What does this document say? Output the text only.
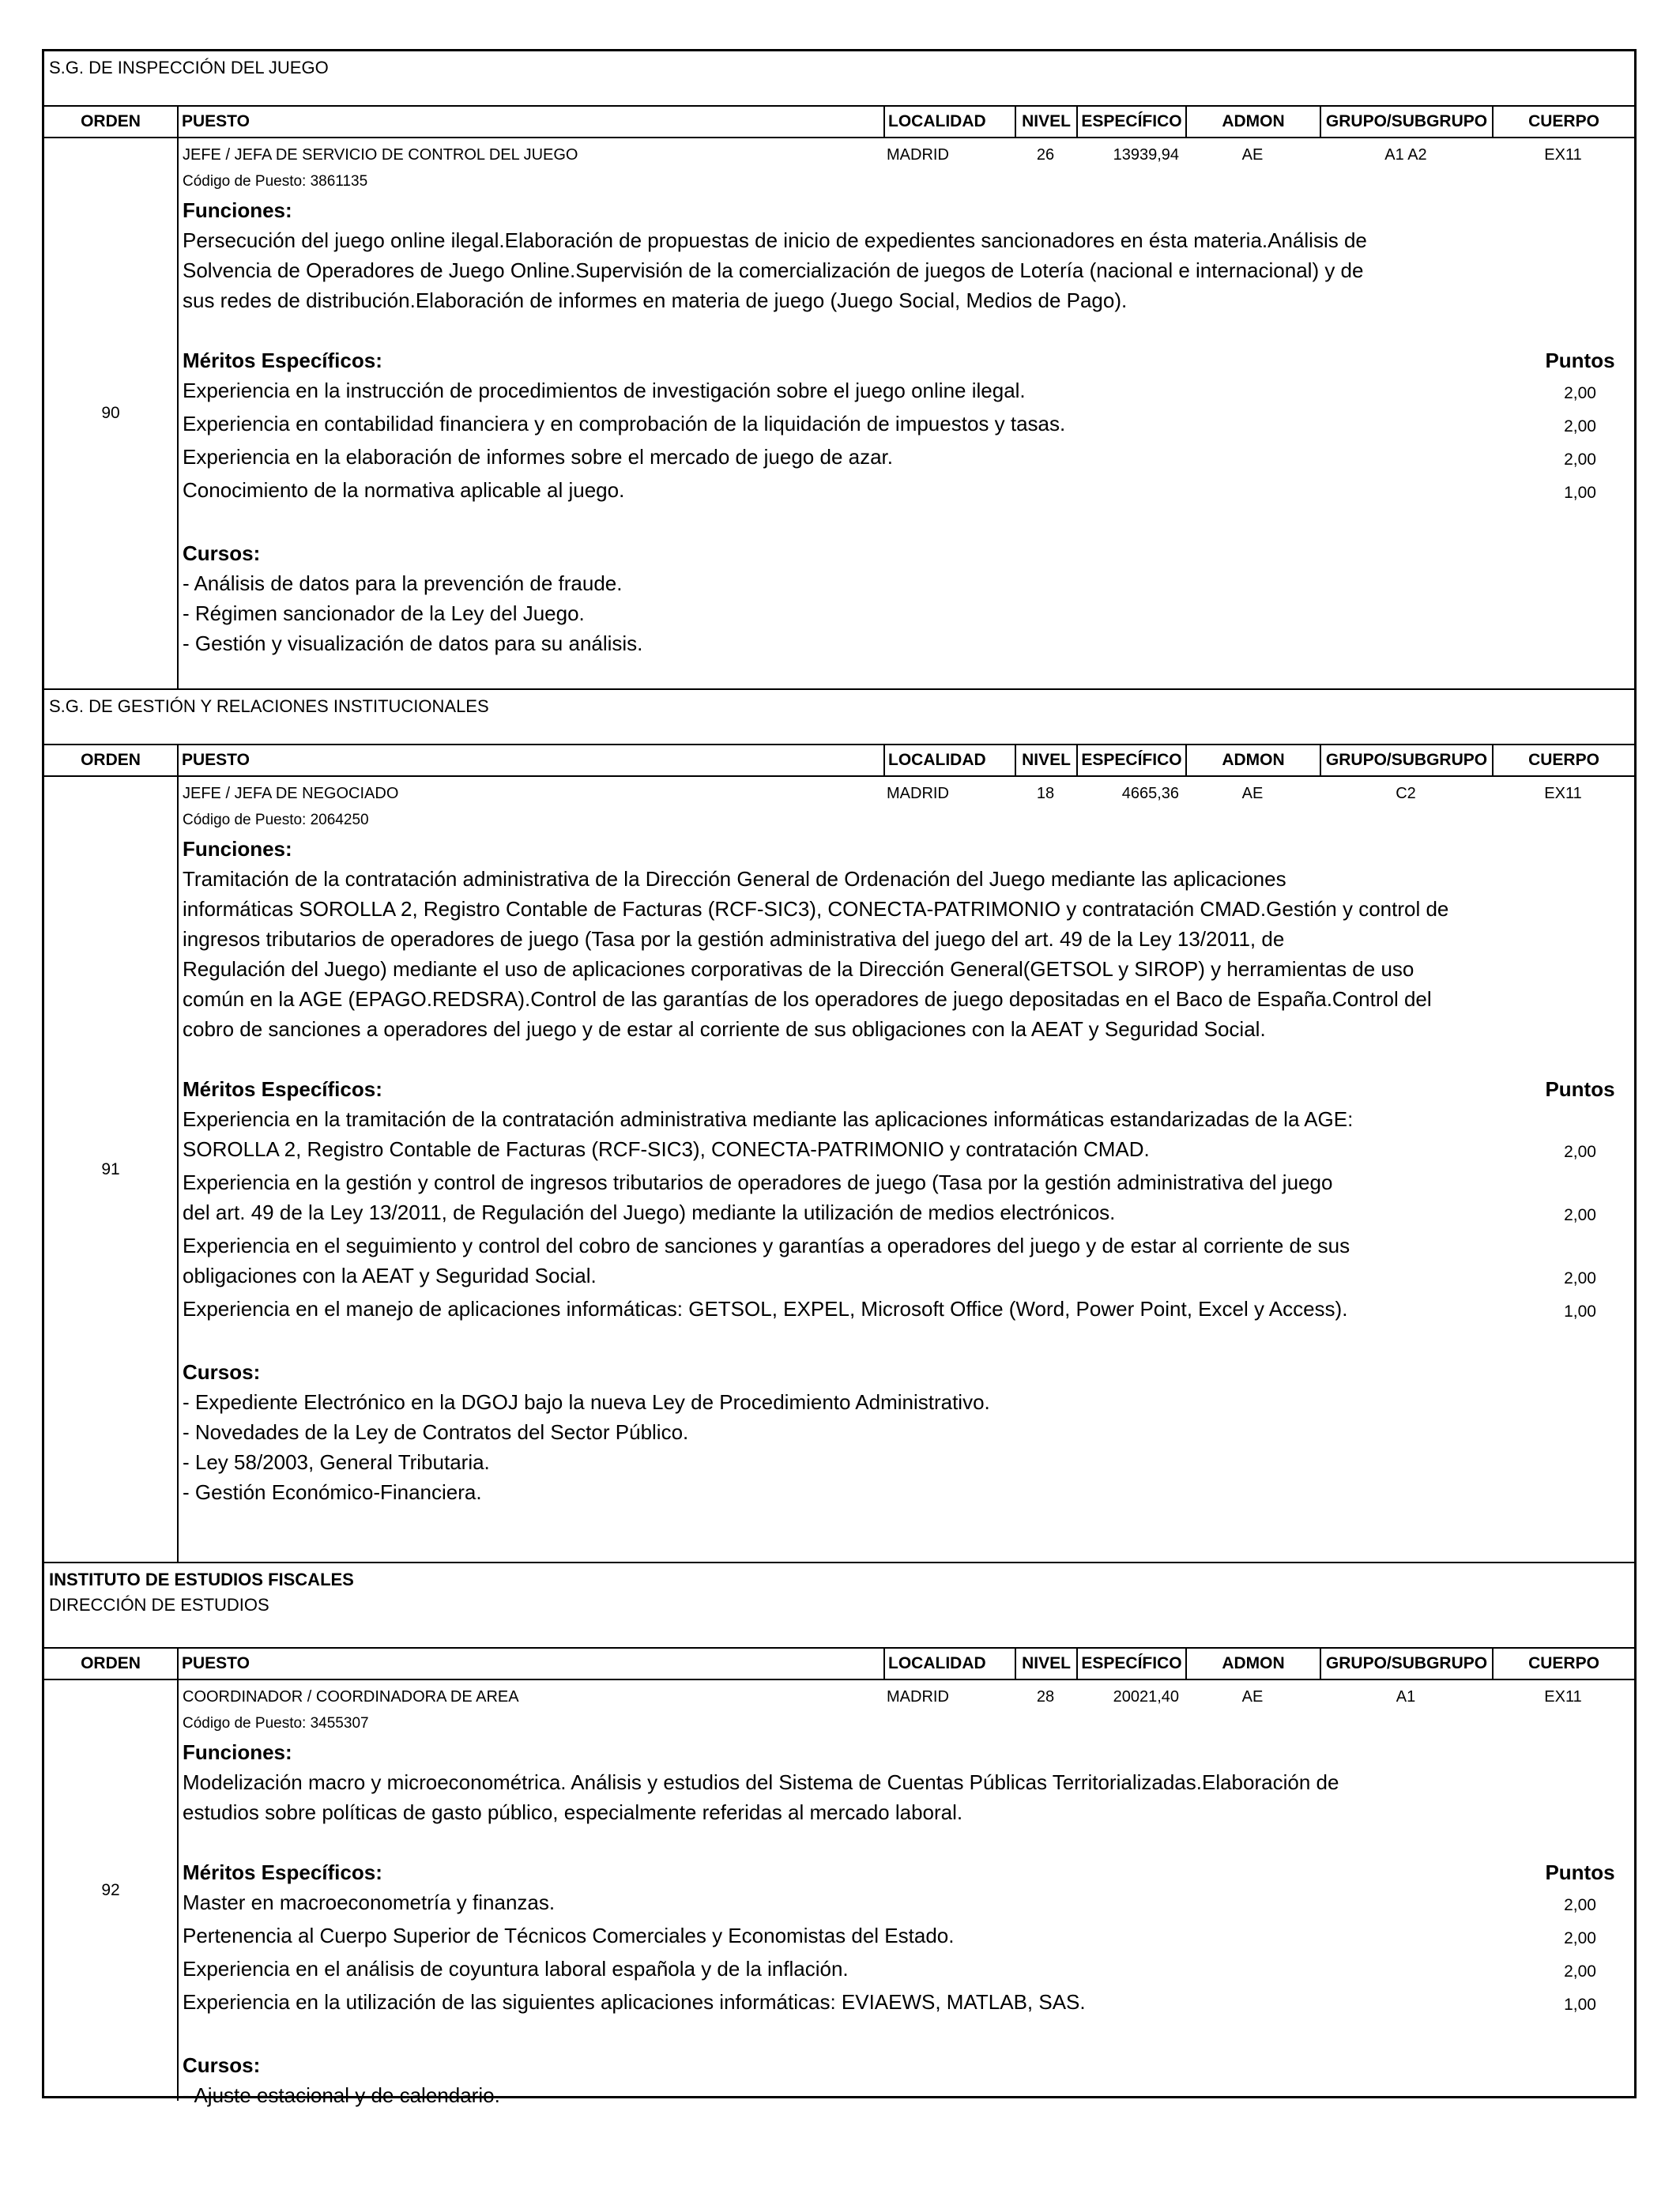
S.G. DE INSPECCIÓN DEL JUEGO
ORDEN	PUESTO	LOCALIDAD	NIVEL ESPECÍFICO	ADMON	GRUPO/SUBGRUPO	CUERPO
90
JEFE / JEFA DE SERVICIO DE CONTROL DEL JUEGO	MADRID	26	13939,94	AE	A1 A2	EX11
Código de Puesto: 3861135
Funciones:
Persecución del juego online ilegal.Elaboración de propuestas de inicio de expedientes sancionadores en ésta materia.Análisis de
Solvencia de Operadores de Juego Online.Supervisión de la comercialización de juegos de Lotería (nacional e internacional) y de
sus redes de distribución.Elaboración de informes en materia de juego (Juego Social, Medios de Pago).
Méritos Específicos:	Puntos
Experiencia en la instrucción de procedimientos de investigación sobre el juego online ilegal.	2,00
Experiencia en contabilidad financiera y en comprobación de la liquidación de impuestos y tasas.	2,00
Experiencia en la elaboración de informes sobre el mercado de juego de azar.	2,00
Conocimiento de la normativa aplicable al juego.	1,00
Cursos:
- Análisis de datos para la prevención de fraude.
- Régimen sancionador de la Ley del Juego.
- Gestión y visualización de datos para su análisis.
S.G. DE GESTIÓN Y RELACIONES INSTITUCIONALES
ORDEN	PUESTO	LOCALIDAD	NIVEL ESPECÍFICO	ADMON	GRUPO/SUBGRUPO	CUERPO
91
JEFE / JEFA DE NEGOCIADO	MADRID	18	4665,36	AE	C2	EX11
Código de Puesto: 2064250
Funciones:
Tramitación de la contratación administrativa de la Dirección General de Ordenación del Juego mediante las aplicaciones
informáticas SOROLLA 2, Registro Contable de Facturas (RCF-SIC3), CONECTA-PATRIMONIO y contratación CMAD.Gestión y control de
ingresos tributarios de operadores de juego (Tasa por la gestión administrativa del juego del art. 49 de la Ley 13/2011, de
Regulación del Juego) mediante el uso de aplicaciones corporativas de la Dirección General(GETSOL y SIROP) y herramientas de uso
común en la AGE (EPAGO.REDSRA).Control de las garantías de los operadores de juego depositadas en el Baco de España.Control del
cobro de sanciones a operadores del juego y de estar al corriente de sus obligaciones con la AEAT y Seguridad Social.
Méritos Específicos:	Puntos
Experiencia en la tramitación de la contratación administrativa mediante las aplicaciones informáticas estandarizadas de la AGE:
SOROLLA 2, Registro Contable de Facturas (RCF-SIC3), CONECTA-PATRIMONIO y contratación CMAD.	2,00
Experiencia en la gestión y control de ingresos tributarios de operadores de juego (Tasa por la gestión administrativa del juego
del art. 49 de la Ley 13/2011, de Regulación del Juego) mediante la utilización de medios electrónicos.	2,00
Experiencia en el seguimiento y control del cobro de sanciones y garantías a operadores del juego y de estar al corriente de sus
obligaciones con la AEAT y Seguridad Social.	2,00
Experiencia en el manejo de aplicaciones informáticas: GETSOL, EXPEL, Microsoft Office (Word, Power Point, Excel y Access).	1,00
Cursos:
- Expediente Electrónico en la DGOJ bajo la nueva Ley de Procedimiento Administrativo.
- Novedades de la Ley de Contratos del Sector Público.
- Ley 58/2003, General Tributaria.
- Gestión Económico-Financiera.
INSTITUTO DE ESTUDIOS FISCALES
DIRECCIÓN DE ESTUDIOS
ORDEN	PUESTO	LOCALIDAD	NIVEL ESPECÍFICO	ADMON	GRUPO/SUBGRUPO	CUERPO
92
COORDINADOR / COORDINADORA DE AREA	MADRID	28	20021,40	AE	A1	EX11
Código de Puesto: 3455307
Funciones:
Modelización macro y microeconométrica. Análisis y estudios del Sistema de Cuentas Públicas Territorializadas.Elaboración de
estudios sobre políticas de gasto público, especialmente referidas al mercado laboral.
Méritos Específicos:	Puntos
Master en macroeconometría y finanzas.	2,00
Pertenencia al Cuerpo Superior de Técnicos Comerciales y Economistas del Estado.	2,00
Experiencia en el análisis de coyuntura laboral española y de la inflación.	2,00
Experiencia en la utilización de las siguientes aplicaciones informáticas: EVIAEWS, MATLAB, SAS.	1,00
Cursos:
- Ajuste estacional y de calendario.
